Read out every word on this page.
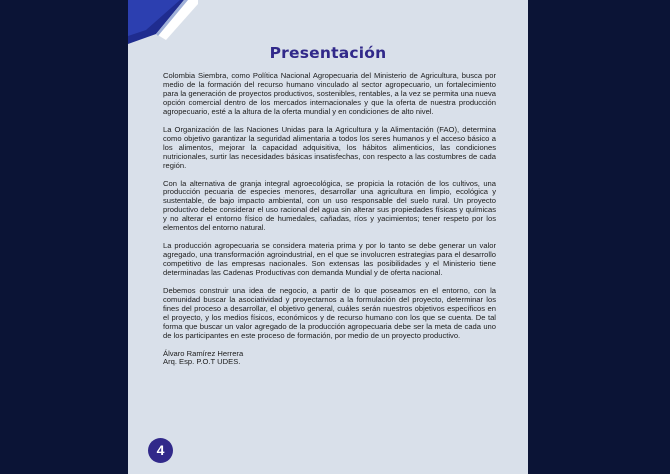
Presentación

Colombia Siembra, como Política Nacional Agropecuaria del Ministerio de Agricultura, busca por medio de la formación del recurso humano vinculado al sector agropecuario, un fortalecimiento para la generación de proyectos productivos, sostenibles, rentables, a la vez se permita una nueva opción comercial dentro de los mercados internacionales y que la oferta de nuestra producción agropecuario, esté a la altura de la oferta mundial y en condiciones de alto nivel.

La Organización de las Naciones Unidas para la Agricultura y la Alimentación (FAO), determina como objetivo garantizar la seguridad alimentaria a todos los seres humanos y el acceso básico a los alimentos, mejorar la capacidad adquisitiva, los hábitos alimenticios, las condiciones nutricionales, surtir las necesidades básicas insatisfechas, con respecto a las costumbres de cada región.

Con la alternativa de granja integral agroecológica, se propicia la rotación de los cultivos, una producción pecuaria de especies menores, desarrollar una agricultura en limpio, ecológica y sustentable, de bajo impacto ambiental, con un uso responsable del suelo rural. Un proyecto productivo debe considerar el uso racional del agua sin alterar sus propiedades físicas y químicas y no alterar el entorno físico de humedales, cañadas, ríos y yacimientos; tener respeto por los elementos del entorno natural.

La producción agropecuaria se considera materia prima y por lo tanto se debe generar un valor agregado, una transformación agroindustrial, en el que se involucren estrategias para el desarrollo competitivo de las empresas nacionales. Son extensas las posibilidades y el Ministerio tiene determinadas las Cadenas Productivas con demanda Mundial y de oferta nacional.

Debemos construir una idea de negocio, a partir de lo que poseamos en el entorno, con la comunidad buscar la asociatividad y proyectarnos a la formulación del proyecto, determinar los fines del proceso a desarrollar, el objetivo general, cuáles serán nuestros objetivos específicos en el proyecto, y los medios físicos, económicos y de recurso humano con los que se cuenta. De tal forma que buscar un valor agregado de la producción agropecuaria debe ser la meta de cada uno de los participantes en este proceso de formación, por medio de un proyecto productivo.

Álvaro Ramírez Herrera
Arq. Esp. P.O.T UDES.
4
